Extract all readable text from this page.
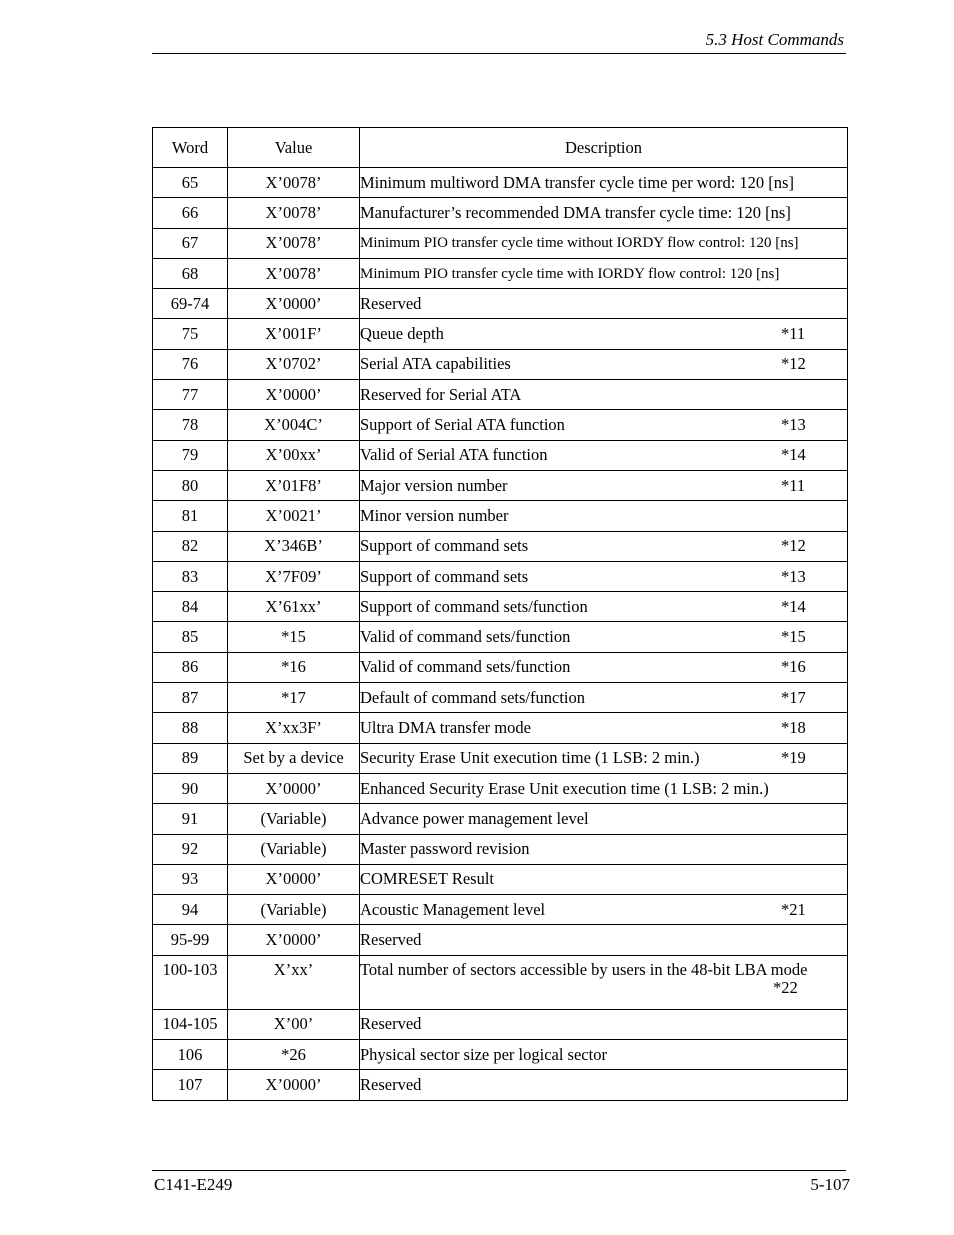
5.3 Host Commands
Word	Value	Description
65	X’0078’	Minimum multiword DMA transfer cycle time per word: 120 [ns]
66	X’0078’	Manufacturer’s recommended DMA transfer cycle time: 120 [ns]
67	X’0078’	Minimum PIO transfer cycle time without IORDY flow control: 120 [ns]
68	X’0078’	Minimum PIO transfer cycle time with IORDY flow control: 120 [ns]
69-74	X’0000’	Reserved
75	X’001F’	Queue depth *11

76	X’0702’	Serial ATA capabilities *12

77	X’0000’	Reserved for Serial ATA
78	X’004C’	Support of Serial ATA function *13

79	X’00xx’	Valid of Serial ATA function *14

80	X’01F8’	Major version number *11

81	X’0021’	Minor version number
82	X’346B’	Support of command sets *12

83	X’7F09’	Support of command sets *13

84	X’61xx’	Support of command sets/function *14

85	*15	Valid of command sets/function *15

86	*16	Valid of command sets/function *16

87	*17	Default of command sets/function *17

88	X’xx3F’	Ultra DMA transfer mode *18

89	Set by a device	Security Erase Unit execution time (1 LSB: 2 min.) *19

90	X’0000’	Enhanced Security Erase Unit execution time (1 LSB: 2 min.)
91	(Variable)	Advance power management level
92	(Variable)	Master password revision
93	X’0000’	COMRESET Result
94	(Variable)	Acoustic Management level *21

95-99	X’0000’	Reserved
100-103	X’xx’	Total number of sectors accessible by users in the 48-bit LBA mode
*22

104-105	X’00’	Reserved
106	*26	Physical sector size per logical sector
107	X’0000’	Reserved
C141-E249	5-107
